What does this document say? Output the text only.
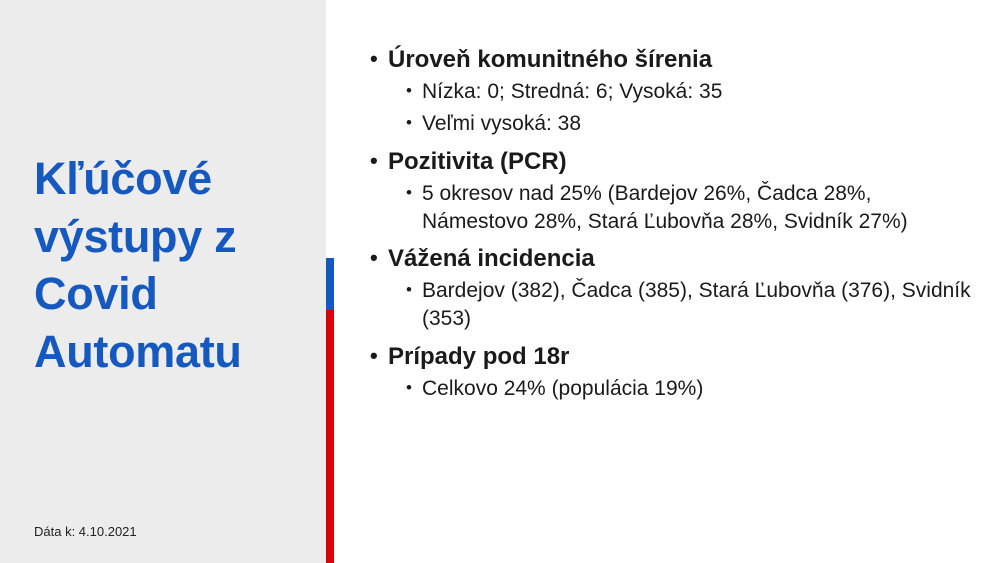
Kľúčové výstupy z Covid Automatu
Dáta k: 4.10.2021
• Úroveň komunitného šírenia
• Nízka: 0; Stredná: 6; Vysoká: 35
• Veľmi vysoká: 38
• Pozitivita (PCR)
• 5 okresov nad 25% (Bardejov 26%, Čadca 28%, Námestovo 28%, Stará Ľubovňa 28%, Svidník 27%)
• Vážená incidencia
• Bardejov (382), Čadca (385), Stará Ľubovňa (376), Svidník (353)
• Prípady pod 18r
• Celkovo 24% (populácia 19%)
